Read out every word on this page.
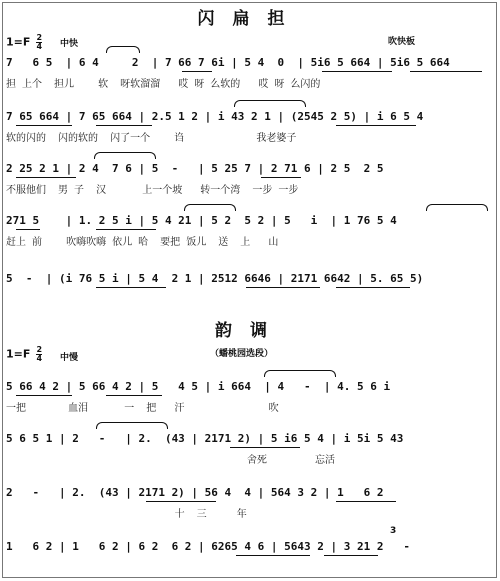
闪扁担
$1=F \frac{2}{4}$ 中快	吹快板
7   6 5  | 6 4     2  | 7 66 7 6i | 5 4  0  | 5i6 5 664 | 5i6 5 664
担 上个  担儿    软  呀软溜溜   哎 呀 么软的   哎 呀 么闪的
7 65 664 | 7 65 664 | 2.5 1 2 | i 43 2 1 | (2545 2 5) | i 6 5 4
软的闪的  闪的软的  闪了一个    诌            我老婆子
2 25 2 1 | 2 4  7 6 | 5  -   | 5 25 7 | 2 71 6 | 2 5  2 5
不服他们  男 子  汉      上一个坡   转一个湾  一步 一步
271 5    | 1. 2 5 i | 5 4 21 | 5 2  5 2 | 5   i  | 1 76 5 4
赶上 前    吹嗨吹嗨 依儿 哈  要把 饭儿  送  上   山
5  -  | (i 76 5 i | 5 4  2 1 | 2512 6646 | 2171 6642 | 5. 65 5)
韵调
$1=F \frac{2}{4}$ 中慢	（蟠桃园选段）
5 66 4 2 | 5 66 4 2 | 5   4 5 | i 664  | 4   -  | 4. 5 6 i
一把       血泪      一  把   汗              吹
5 6 5 1 | 2   -   | 2.  (43 | 2171 2) | 5 i6 5 4 | i 5i 5 43
舍死        忘活
2   -   | 2.  (43 | 2171 2) | 56 4  4 | 564 3 2 | 1   6 2
十  三     年
1   6 2 | 1   6 2 | 6 2  6 2 | 6265 4 6 | 5643 2 | 3 21 2   -
3
